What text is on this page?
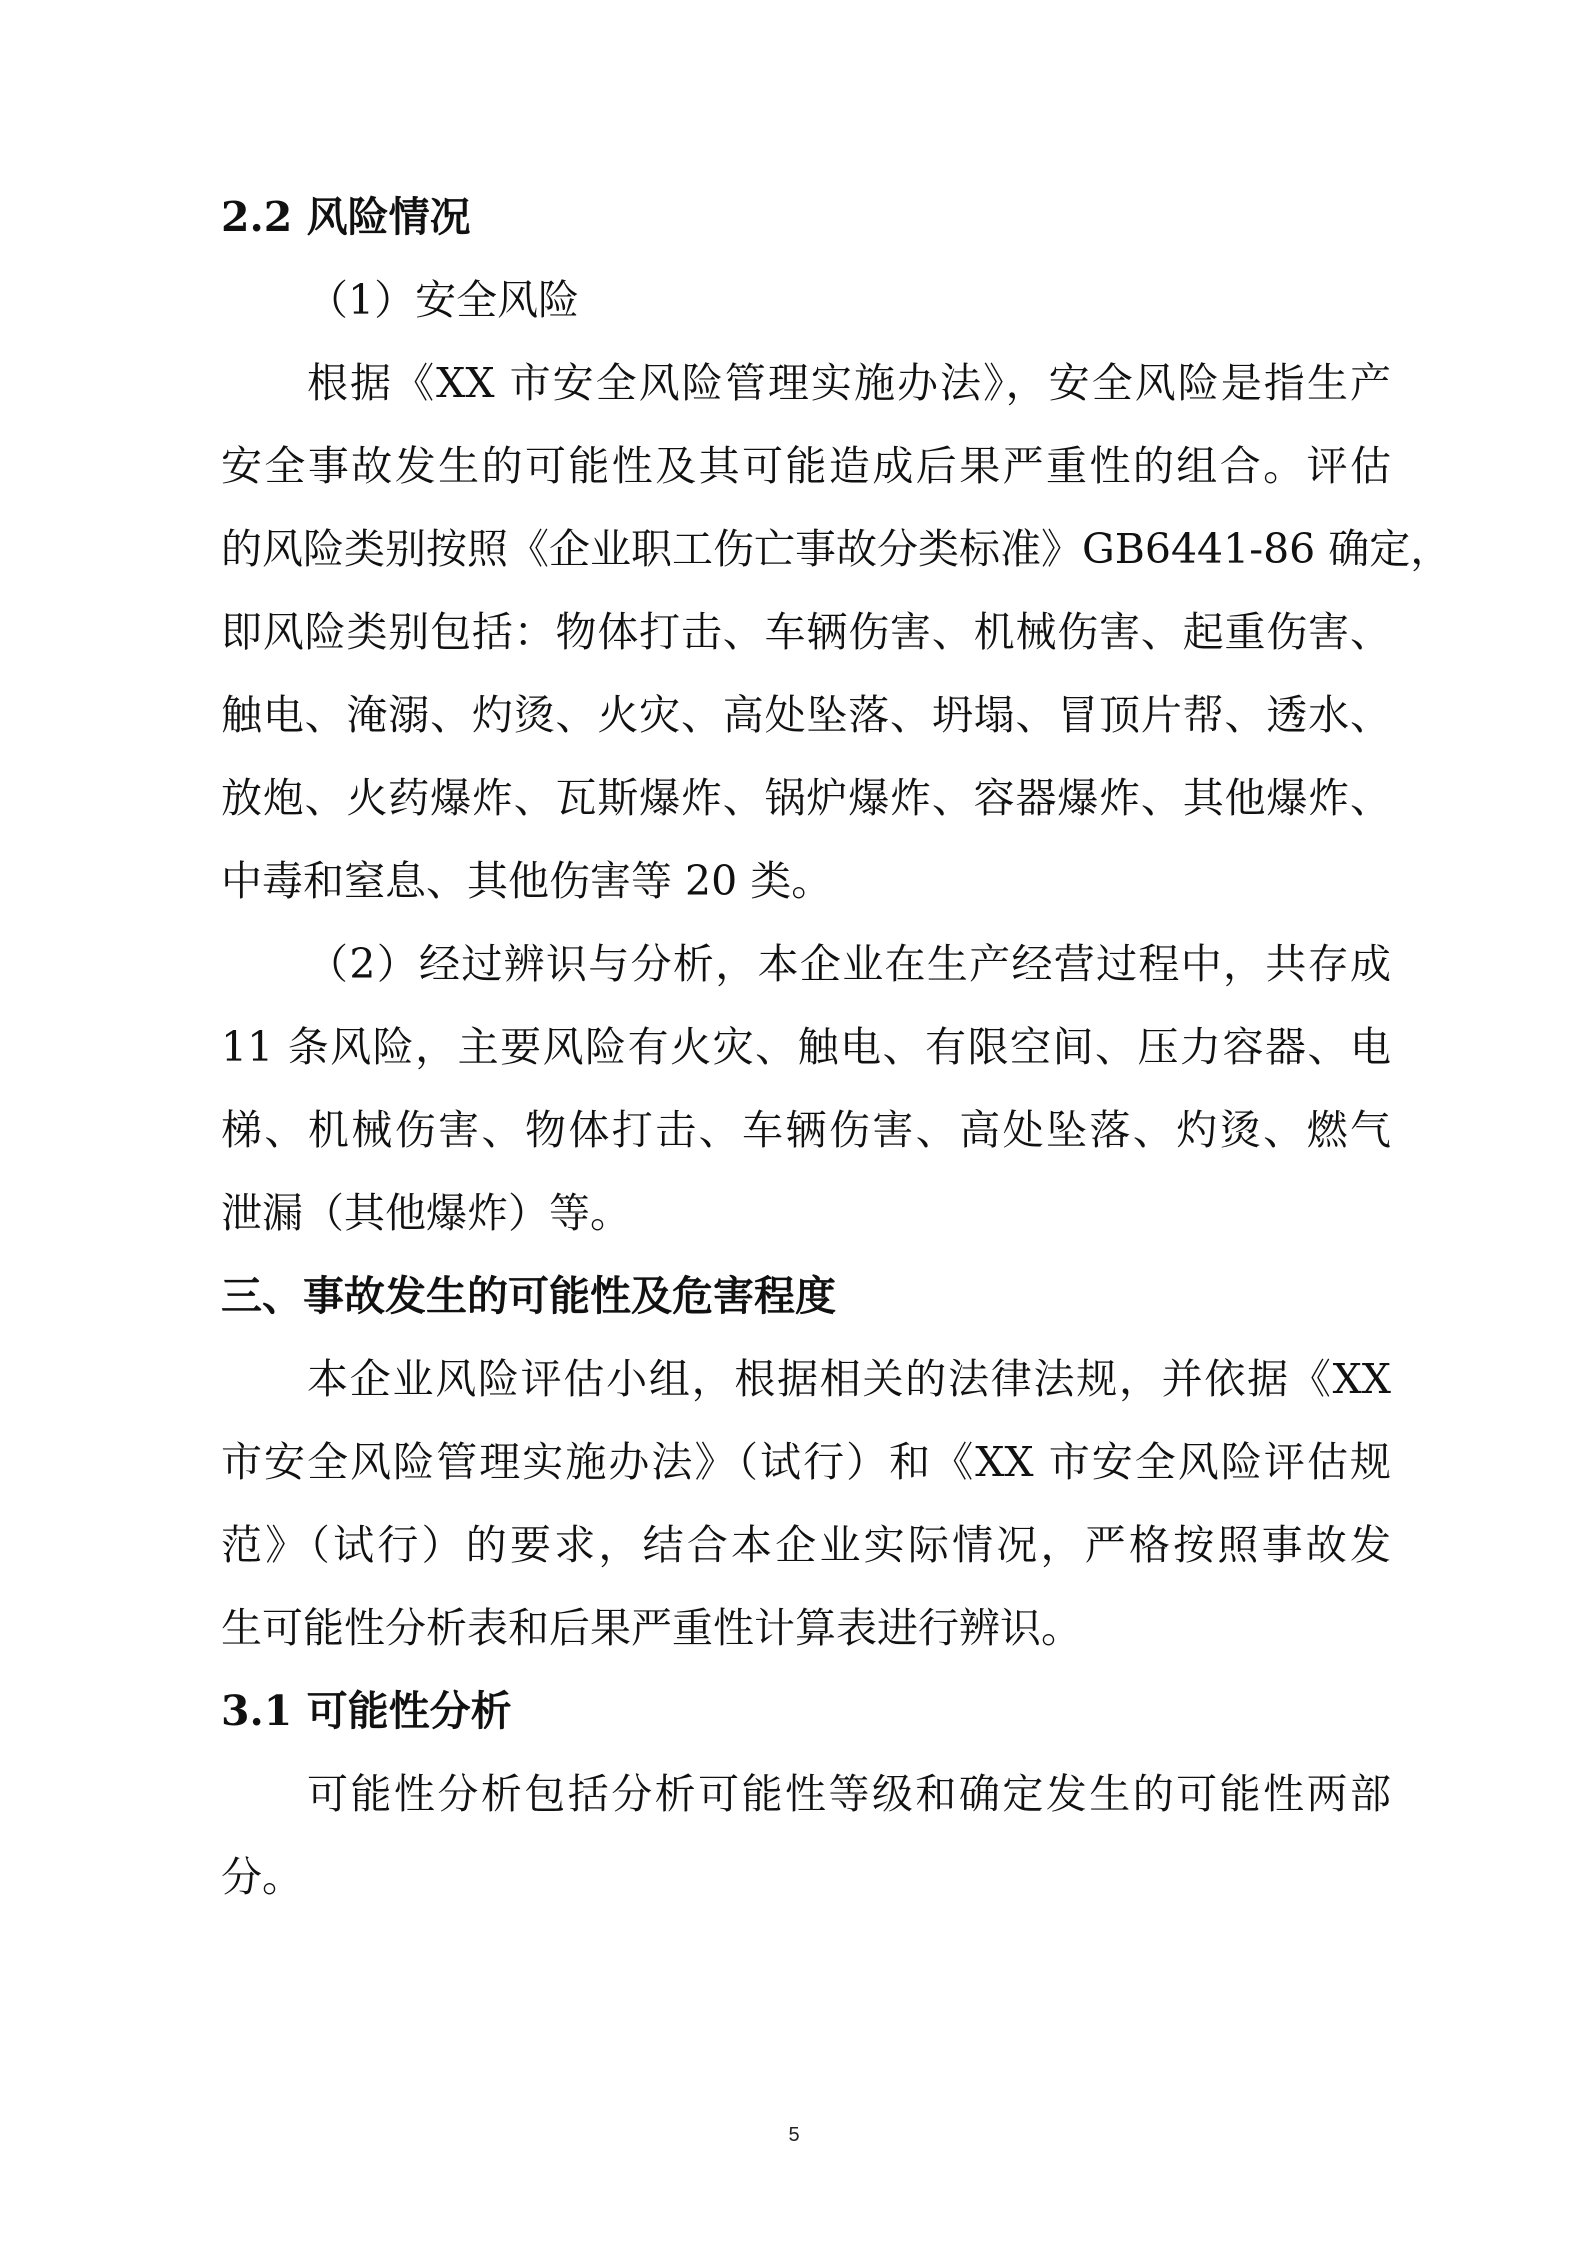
2.2 风险情况
（1）安全风险
根据《XX 市安全风险管理实施办法》，安全风险是指生产
安全事故发生的可能性及其可能造成后果严重性的组合。评估
的风险类别按照《企业职工伤亡事故分类标准》GB6441-86 确定，
即风险类别包括：物体打击、车辆伤害、机械伤害、起重伤害、
触电、淹溺、灼烫、火灾、高处坠落、坍塌、冒顶片帮、透水、
放炮、火药爆炸、瓦斯爆炸、锅炉爆炸、容器爆炸、其他爆炸、
中毒和窒息、其他伤害等 20 类。
（2）经过辨识与分析，本企业在生产经营过程中，共存成
11 条风险，主要风险有火灾、触电、有限空间、压力容器、电
梯、机械伤害、物体打击、车辆伤害、高处坠落、灼烫、燃气
泄漏（其他爆炸）等。
三、事故发生的可能性及危害程度
本企业风险评估小组，根据相关的法律法规，并依据《XX
市安全风险管理实施办法》（试行）和《XX 市安全风险评估规
范》（试行）的要求，结合本企业实际情况，严格按照事故发
生可能性分析表和后果严重性计算表进行辨识。
3.1 可能性分析
可能性分析包括分析可能性等级和确定发生的可能性两部
分。
5
